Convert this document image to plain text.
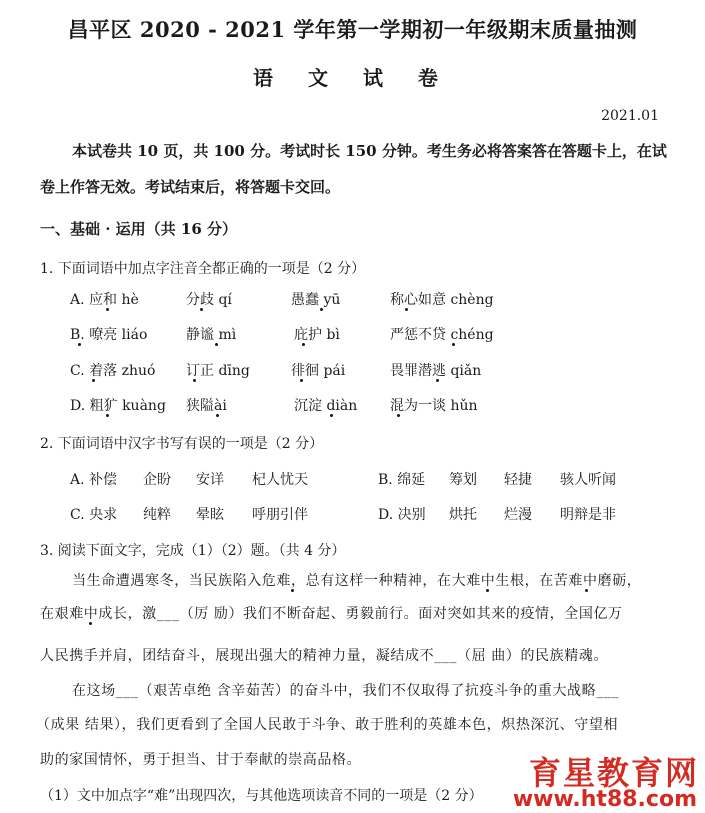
昌平区 2020 - 2021 学年第一学期初一年级期末质量抽测
语 文 试 卷
2021.01
本试卷共 10 页，共 100 分。考试时长 150 分钟。考生务必将答案答在答题卡上，在试
卷上作答无效。考试结束后，将答题卡交回。
一、基础 · 运用（共 16 分）
1. 下面词语中加点字注音全都正确的一项是（2 分）
A. 应和 hè	分歧 qí	愚蠢 yū	称心如意 chèng
B. 嘹亮 liáo	静谧 mì	庇护 bì	严惩不贷 chéng
C. 着落 zhuó 订正 dīng	徘徊 pái	畏罪潜逃 qiǎn
D. 粗犷 kuàng 狭隘ài	沉淀 diàn 混为一谈 hǔn
2. 下面词语中汉字书写有误的一项是（2 分）
A. 补偿 企盼 安详 杞人忧天	B. 绵延 筹划 轻捷 骇人听闻
C. 央求 纯粹 晕眩 呼朋引伴	D. 决别 烘托 烂漫 明辩是非
3. 阅读下面文字，完成（1）（2）题。（共 4 分）
当生命遭遇寒冬，当民族陷入危难，总有这样一种精神，在大难中生根，在苦难中磨砺，
在艰难中成长，激___（厉 励）我们不断奋起、勇毅前行。面对突如其来的疫情，全国亿万
人民携手并肩，团结奋斗，展现出强大的精神力量，凝结成不___（屈 曲）的民族精魂。
在这场___（艰苦卓绝 含辛茹苦）的奋斗中，我们不仅取得了抗疫斗争的重大战略___
（成果 结果），我们更看到了全国人民敢于斗争、敢于胜利的英雄本色，炽热深沉、守望相
助的家国情怀，勇于担当、甘于奉献的崇高品格。
（1）文中加点字“难”出现四次，与其他选项读音不同的一项是（2 分）
育星教育网
www.ht88.com
